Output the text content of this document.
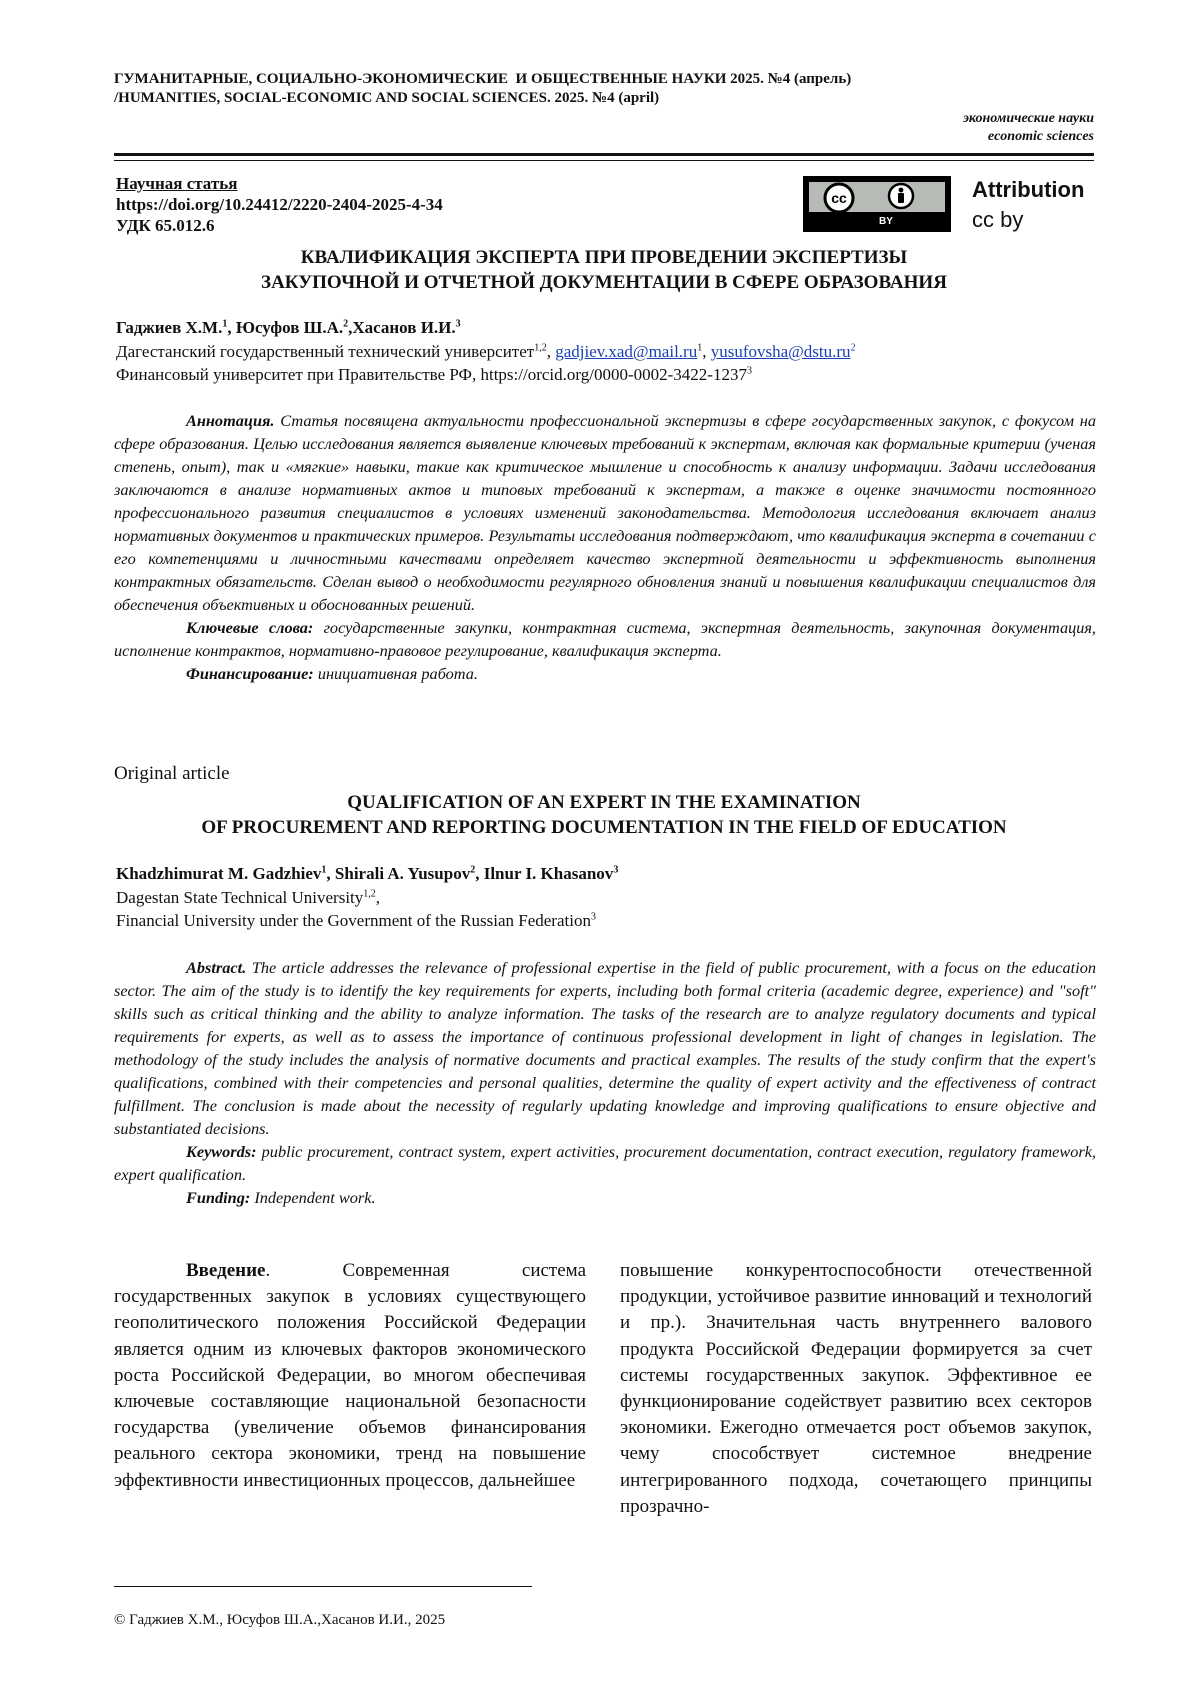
ГУМАНИТАРНЫЕ, СОЦИАЛЬНО-ЭКОНОМИЧЕСКИЕ  И ОБЩЕСТВЕННЫЕ НАУКИ 2025. №4 (апрель)
/HUMANITIES, SOCIAL-ECONOMIC AND SOCIAL SCIENCES. 2025. №4 (april)
экономические науки
economic sciences
Научная статья
https://doi.org/10.24412/2220-2404-2025-4-34
УДК 65.012.6
cc
BY
Attribution
cc by
КВАЛИФИКАЦИЯ ЭКСПЕРТА ПРИ ПРОВЕДЕНИИ ЭКСПЕРТИЗЫ
ЗАКУПОЧНОЙ И ОТЧЕТНОЙ ДОКУМЕНТАЦИИ В СФЕРЕ ОБРАЗОВАНИЯ
Гаджиев Х.М.$^1$, Юсуфов Ш.А.$^2$,Хасанов И.И.$^3$
Дагестанский государственный технический университет$^{1,2}$, $gadjiev.xad@mail.ru^1$, $yusufovsha@dstu.ru^2$
Финансовый университет при Правительстве РФ, https://orcid.org/0000-0002-3422-1237$^3$
Аннотация. Статья посвящена актуальности профессиональной экспертизы в сфере государственных закупок, с фокусом на сфере образования. Целью исследования является выявление ключевых требований к экспертам, включая как формальные критерии (ученая степень, опыт), так и «мягкие» навыки, такие как критическое мышление и способность к анализу информации. Задачи исследования заключаются в анализе нормативных актов и типовых требований к экспертам, а также в оценке значимости постоянного профессионального развития специалистов в условиях изменений законодательства. Методология исследования включает анализ нормативных документов и практических примеров. Результаты исследования подтверждают, что квалификация эксперта в сочетании с его компетенциями и личностными качествами определяет качество экспертной деятельности и эффективность выполнения контрактных обязательств. Сделан вывод о необходимости регулярного обновления знаний и повышения квалификации специалистов для обеспечения объективных и обоснованных решений.
Ключевые слова: государственные закупки, контрактная система, экспертная деятельность, закупочная документация, исполнение контрактов, нормативно-правовое регулирование, квалификация эксперта.
Финансирование: инициативная работа.
Original article
QUALIFICATION OF AN EXPERT IN THE EXAMINATION
OF PROCUREMENT AND REPORTING DOCUMENTATION IN THE FIELD OF EDUCATION
Khadzhimurat M. Gadzhiev$^1$, Shirali A. Yusupov$^2$, Ilnur I. Khasanov$^3$
Dagestan State Technical University$^{1,2}$,
Financial University under the Government of the Russian Federation$^3$
Abstract. The article addresses the relevance of professional expertise in the field of public procurement, with a focus on the education sector. The aim of the study is to identify the key requirements for experts, including both formal criteria (academic degree, experience) and "soft" skills such as critical thinking and the ability to analyze information. The tasks of the research are to analyze regulatory documents and typical requirements for experts, as well as to assess the importance of continuous professional development in light of changes in legislation. The methodology of the study includes the analysis of normative documents and practical examples. The results of the study confirm that the expert's qualifications, combined with their competencies and personal qualities, determine the quality of expert activity and the effectiveness of contract fulfillment. The conclusion is made about the necessity of regularly updating knowledge and improving qualifications to ensure objective and substantiated decisions.
Keywords: public procurement, contract system, expert activities, procurement documentation, contract execution, regulatory framework, expert qualification.
Funding: Independent work.
Введение. Современная система государственных закупок в условиях существующего геополитического положения Российской Федерации является одним из ключевых факторов экономического роста Российской Федерации, во многом обеспечивая ключевые составляющие национальной безопасности государства (увеличение объемов финансирования реального сектора экономики, тренд на повышение эффективности инвестиционных процессов, дальнейшее
повышение конкурентоспособности отечественной продукции, устойчивое развитие инноваций и технологий и пр.). Значительная часть внутреннего валового продукта Российской Федерации формируется за счет системы государственных закупок. Эффективное ее функционирование содействует развитию всех секторов экономики. Ежегодно отмечается рост объемов закупок, чему способствует системное внедрение интегрированного подхода, сочетающего принципы прозрачно-
© Гаджиев Х.М., Юсуфов Ш.А.,Хасанов И.И., 2025
